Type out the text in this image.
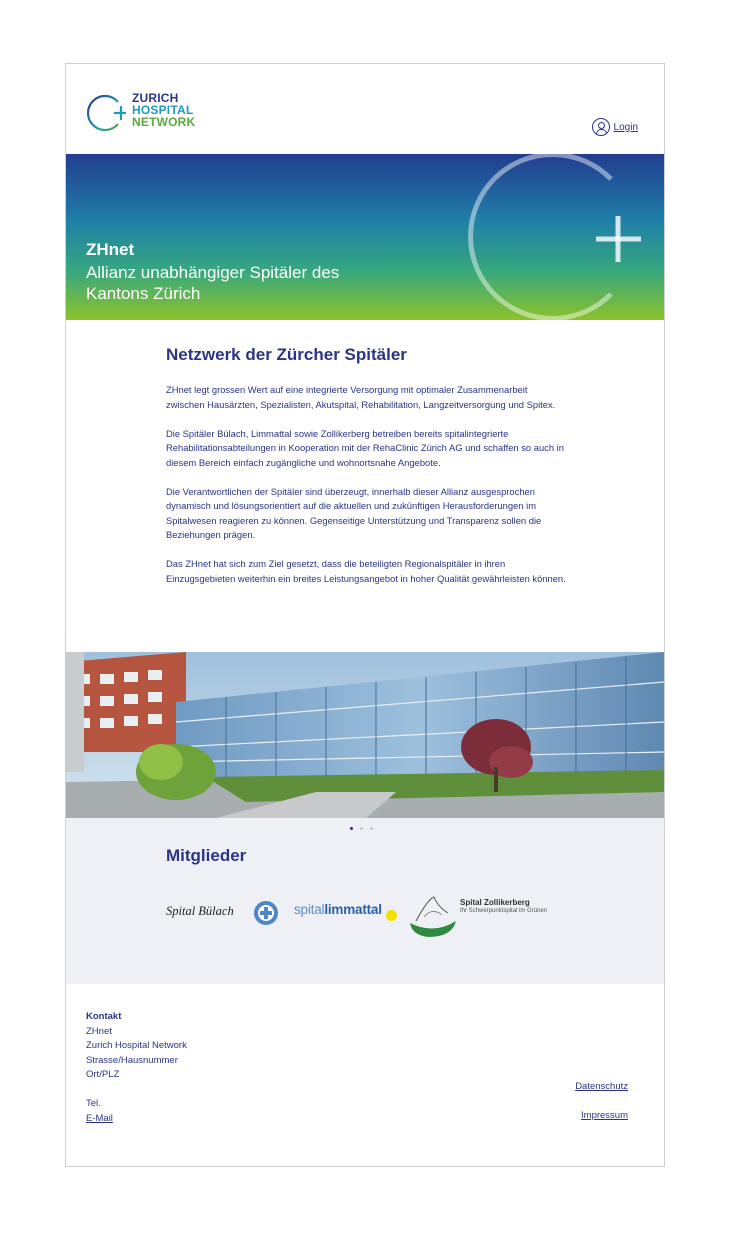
ZURICH
HOSPITAL
NETWORK	Login
ZHnet
Allianz unabhängiger Spitäler des Kantons Zürich
Netzwerk der Zürcher Spitäler

ZHnet legt grossen Wert auf eine integrierte Versorgung mit optimaler Zusammenarbeit zwischen Hausärzten, Spezialisten, Akutspital, Rehabilitation, Langzeitversorgung und Spitex.

Die Spitäler Bülach, Limmattal sowie Zollikerberg betreiben bereits spitalintegrierte Rehabilitationsabteilungen in Kooperation mit der RehaClinic Zürich AG und schaffen so auch in diesem Bereich einfach zugängliche und wohnortsnahe Angebote.

Die Verantwortlichen der Spitäler sind überzeugt, innerhalb dieser Allianz ausgesprochen dynamisch und lösungsorientiert auf die aktuellen und zukünftigen Herausforderungen im Spitalwesen reagieren zu können. Gegenseitige Unterstützung und Transparenz sollen die Beziehungen prägen.

Das ZHnet hat sich zum Ziel gesetzt, dass die beteiligten Regionalspitäler in ihren Einzugsgebieten weiterhin ein breites Leistungsangebot in hoher Qualität gewährleisten können.

Mitglieder
Spital Bülach	spitallimmattal	Spital Zollikerberg
Ihr Schwerpunktspital im Grünen
Kontakt
ZHnet
Zurich Hospital Network
Strasse/Hausnummer
Ort/PLZ
Tel.
E-Mail
Datenschutz
Impressum
